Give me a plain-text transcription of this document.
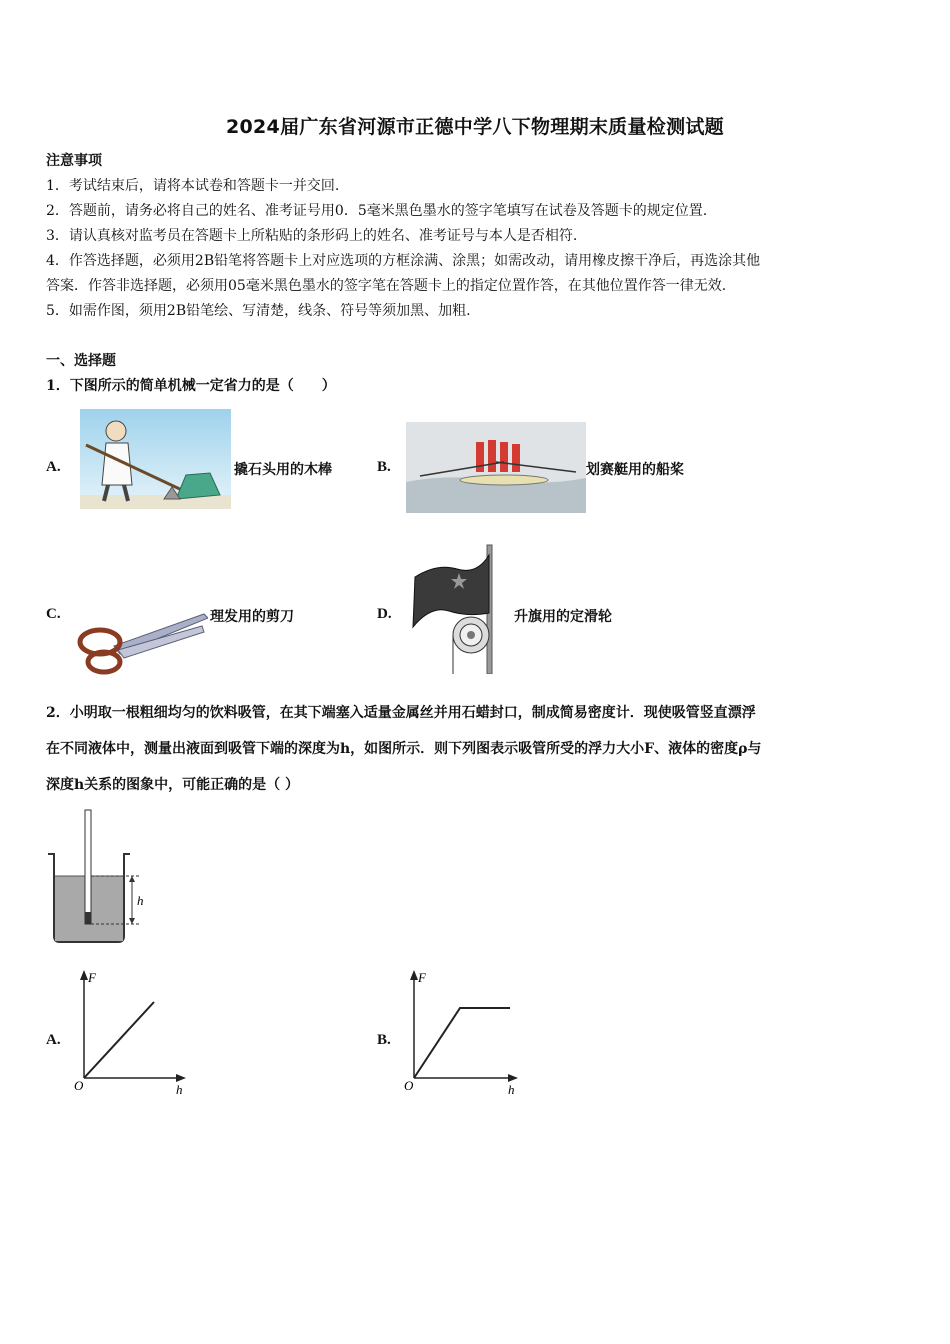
2024届广东省河源市正德中学八下物理期末质量检测试题
注意事项
1．考试结束后，请将本试卷和答题卡一并交回.
2．答题前，请务必将自己的姓名、准考证号用0．5毫米黑色墨水的签字笔填写在试卷及答题卡的规定位置.
3．请认真核对监考员在答题卡上所粘贴的条形码上的姓名、准考证号与本人是否相符.
4．作答选择题，必须用2B铅笔将答题卡上对应选项的方框涂满、涂黑；如需改动，请用橡皮擦干净后，再选涂其他
答案．作答非选择题，必须用05毫米黑色墨水的签字笔在答题卡上的指定位置作答，在其他位置作答一律无效.
5．如需作图，须用2B铅笔绘、写清楚，线条、符号等须加黑、加粗.
一、选择题
1．下图所示的简单机械一定省力的是（　　）
A.	撬石头用的木棒	B.	划赛艇用的船桨
C.	理发用的剪刀	D.	升旗用的定滑轮
2．小明取一根粗细均匀的饮料吸管，在其下端塞入适量金属丝并用石蜡封口，制成简易密度计．现使吸管竖直漂浮
在不同液体中，测量出液面到吸管下端的深度为h，如图所示．则下列图表示吸管所受的浮力大小F、液体的密度ρ与
深度h关系的图象中，可能正确的是（ ）
h
A.
F
h
O
B.
F
h
O
